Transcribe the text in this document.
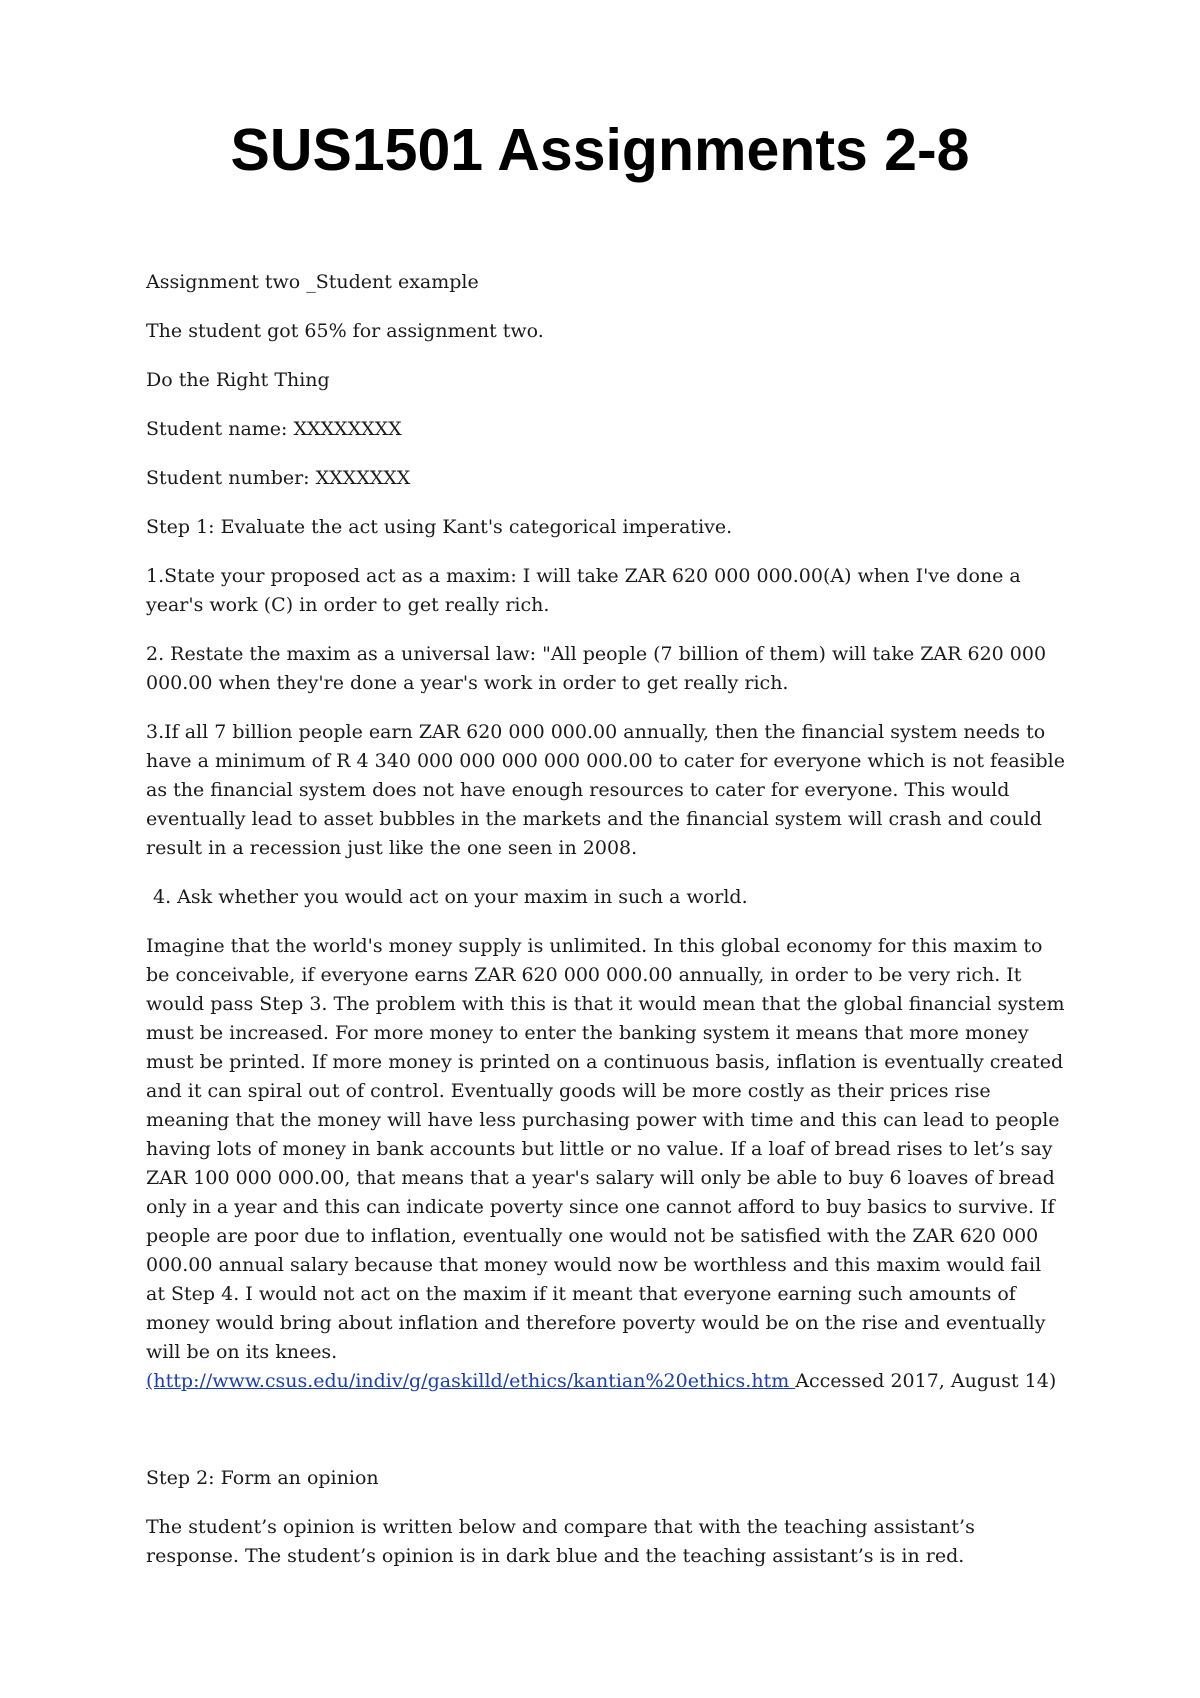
SUS1501 Assignments 2-8

Assignment two _Student example

The student got 65% for assignment two.

Do the Right Thing

Student name: XXXXXXXX

Student number: XXXXXXX

Step 1: Evaluate the act using Kant's categorical imperative.

1.State your proposed act as a maxim: I will take ZAR 620 000 000.00(A) when I've done a year's work (C) in order to get really rich.

2. Restate the maxim as a universal law: "All people (7 billion of them) will take ZAR 620 000 000.00 when they're done a year's work in order to get really rich.

3.If all 7 billion people earn ZAR 620 000 000.00 annually, then the financial system needs to have a minimum of R 4 340 000 000 000 000 000.00 to cater for everyone which is not feasible as the financial system does not have enough resources to cater for everyone. This would eventually lead to asset bubbles in the markets and the financial system will crash and could result in a recession just like the one seen in 2008.

4. Ask whether you would act on your maxim in such a world.

Imagine that the world's money supply is unlimited. In this global economy for this maxim to be conceivable, if everyone earns ZAR 620 000 000.00 annually, in order to be very rich. It would pass Step 3. The problem with this is that it would mean that the global financial system must be increased. For more money to enter the banking system it means that more money must be printed. If more money is printed on a continuous basis, inflation is eventually created and it can spiral out of control. Eventually goods will be more costly as their prices rise meaning that the money will have less purchasing power with time and this can lead to people having lots of money in bank accounts but little or no value. If a loaf of bread rises to let’s say ZAR 100 000 000.00, that means that a year's salary will only be able to buy 6 loaves of bread only in a year and this can indicate poverty since one cannot afford to buy basics to survive. If people are poor due to inflation, eventually one would not be satisfied with the ZAR 620 000 000.00 annual salary because that money would now be worthless and this maxim would fail at Step 4. I would not act on the maxim if it meant that everyone earning such amounts of money would bring about inflation and therefore poverty would be on the rise and eventually will be on its knees.
(http://www.csus.edu/indiv/g/gaskilld/ethics/kantian%20ethics.htm Accessed 2017, August 14)

Step 2: Form an opinion

The student’s opinion is written below and compare that with the teaching assistant’s response. The student’s opinion is in dark blue and the teaching assistant’s is in red.
